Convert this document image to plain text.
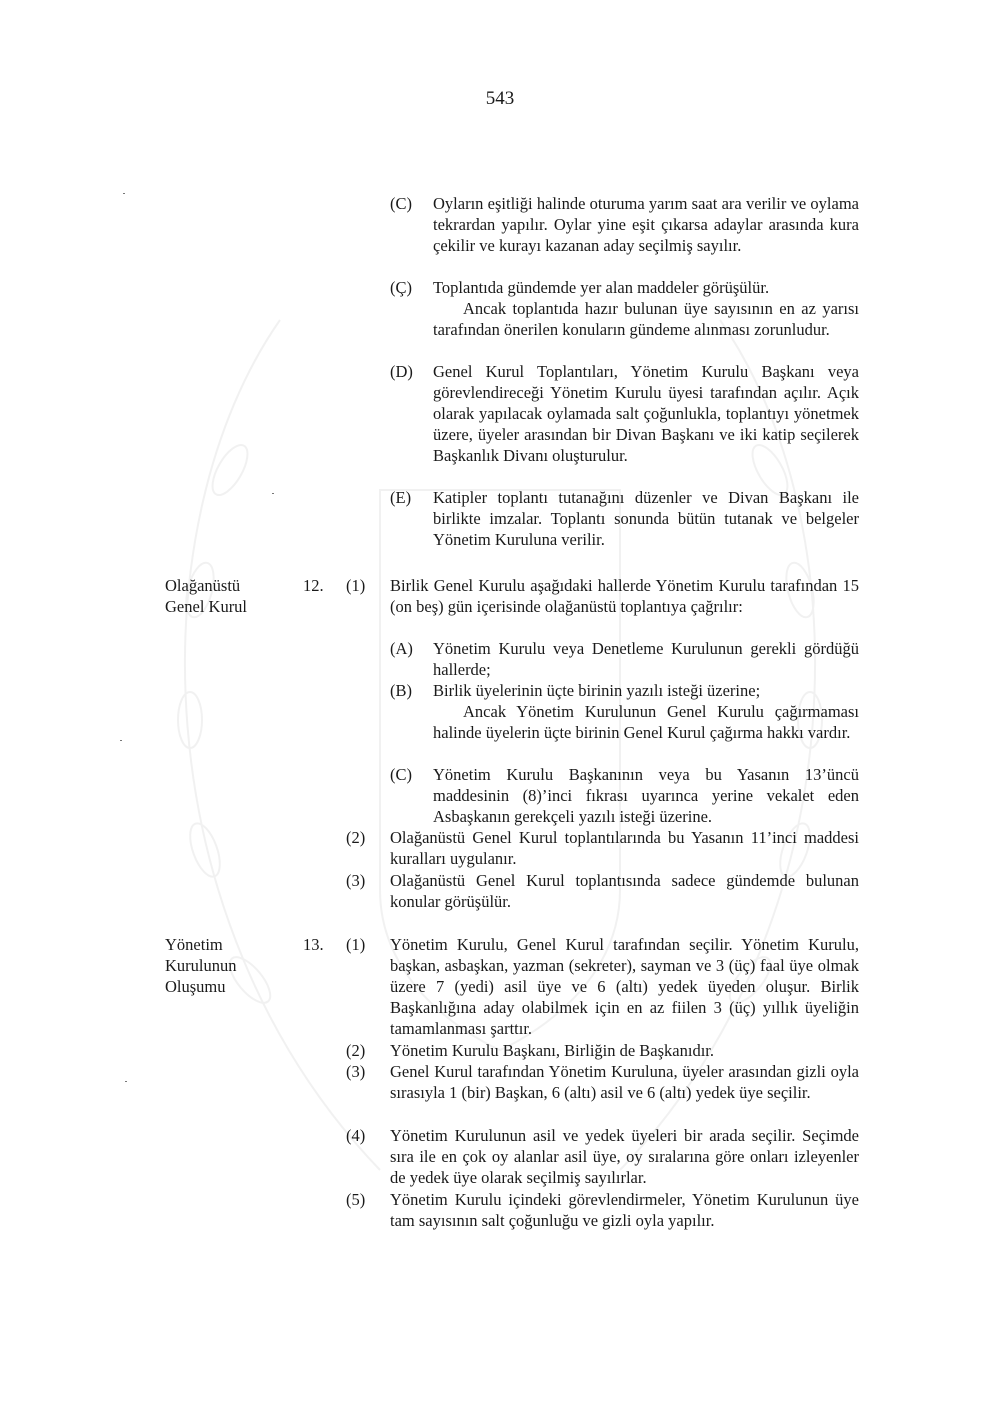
543
(C)	Oyların eşitliği halinde oturuma yarım saat ara verilir ve oylama tekrardan yapılır. Oylar yine eşit çıkarsa adaylar arasında kura çekilir ve kurayı kazanan aday seçilmiş sayılır.
(Ç)	Toplantıda gündemde yer alan maddeler görüşülür.
Ancak toplantıda hazır bulunan üye sayısının en az yarısı tarafından önerilen konuların gündeme alınması zorunludur.
(D)	Genel Kurul Toplantıları, Yönetim Kurulu Başkanı veya görevlendireceği Yönetim Kurulu üyesi tarafından açılır. Açık olarak yapılacak oylamada salt çoğunlukla, toplantıyı yönetmek üzere, üyeler arasından bir Divan Başkanı ve iki katip seçilerek Başkanlık Divanı oluşturulur.
(E)	Katipler toplantı tutanağını düzenler ve Divan Başkanı ile birlikte imzalar. Toplantı sonunda bütün tutanak ve belgeler Yönetim Kuruluna verilir.
Olağanüstü
Genel Kurul
12.	(1)	Birlik Genel Kurulu aşağıdaki hallerde Yönetim Kurulu tarafından 15 (on beş) gün içerisinde olağanüstü toplantıya çağrılır:
(A)	Yönetim Kurulu veya Denetleme Kurulunun gerekli gördüğü hallerde;
(B)	Birlik üyelerinin üçte birinin yazılı isteği üzerine;
Ancak Yönetim Kurulunun Genel Kurulu çağırmaması halinde üyelerin üçte birinin Genel Kurul çağırma hakkı vardır.
(C)	Yönetim Kurulu Başkanının veya bu Yasanın 13’üncü maddesinin (8)’inci fıkrası uyarınca yerine vekalet eden Asbaşkanın gerekçeli yazılı isteği üzerine.
(2)	Olağanüstü Genel Kurul toplantılarında bu Yasanın 11’inci maddesi kuralları uygulanır.
(3)	Olağanüstü Genel Kurul toplantısında sadece gündemde bulunan konular görüşülür.
Yönetim
Kurulunun
Oluşumu
13.	(1)	Yönetim Kurulu, Genel Kurul tarafından seçilir. Yönetim Kurulu, başkan, asbaşkan, yazman (sekreter), sayman ve 3 (üç) faal üye olmak üzere 7 (yedi) asil üye ve 6 (altı) yedek üyeden oluşur. Birlik Başkanlığına aday olabilmek için en az fiilen 3 (üç) yıllık üyeliğin tamamlanması şarttır.
(2)	Yönetim Kurulu Başkanı, Birliğin de Başkanıdır.
(3)	Genel Kurul tarafından Yönetim Kuruluna, üyeler arasından gizli oyla sırasıyla 1 (bir) Başkan, 6 (altı) asil ve 6 (altı) yedek üye seçilir.
(4)	Yönetim Kurulunun asil ve yedek üyeleri bir arada seçilir. Seçimde sıra ile en çok oy alanlar asil üye, oy sıralarına göre onları izleyenler de yedek üye olarak seçilmiş sayılırlar.
(5)	Yönetim Kurulu içindeki görevlendirmeler, Yönetim Kurulunun üye tam sayısının salt çoğunluğu ve gizli oyla yapılır.
